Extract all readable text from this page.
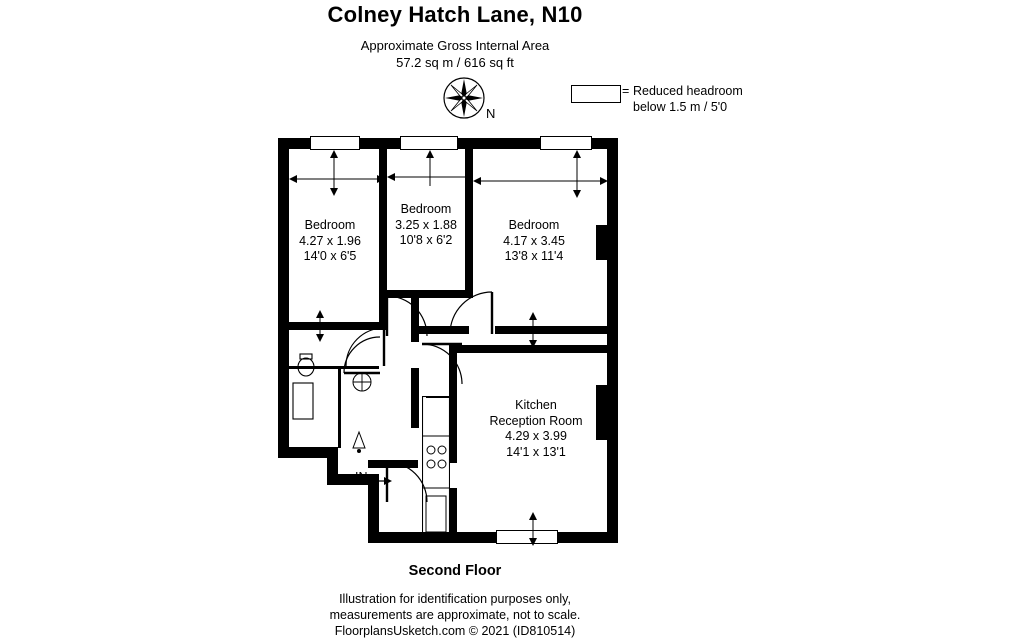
Colney Hatch Lane, N10
Approximate Gross Internal Area
57.2 sq m / 616 sq ft
N
= Reduced headroom
below 1.5 m / 5'0
Bedroom
4.27 x 1.96
14'0 x 6'5
Bedroom
3.25 x 1.88
10'8 x 6'2
Bedroom
4.17 x 3.45
13'8 x 11'4
Kitchen
Reception Room
4.29 x 3.99
14'1 x 13'1
IN
Second Floor
Illustration for identification purposes only,
measurements are approximate, not to scale.
FloorplansUsketch.com © 2021 (ID810514)
